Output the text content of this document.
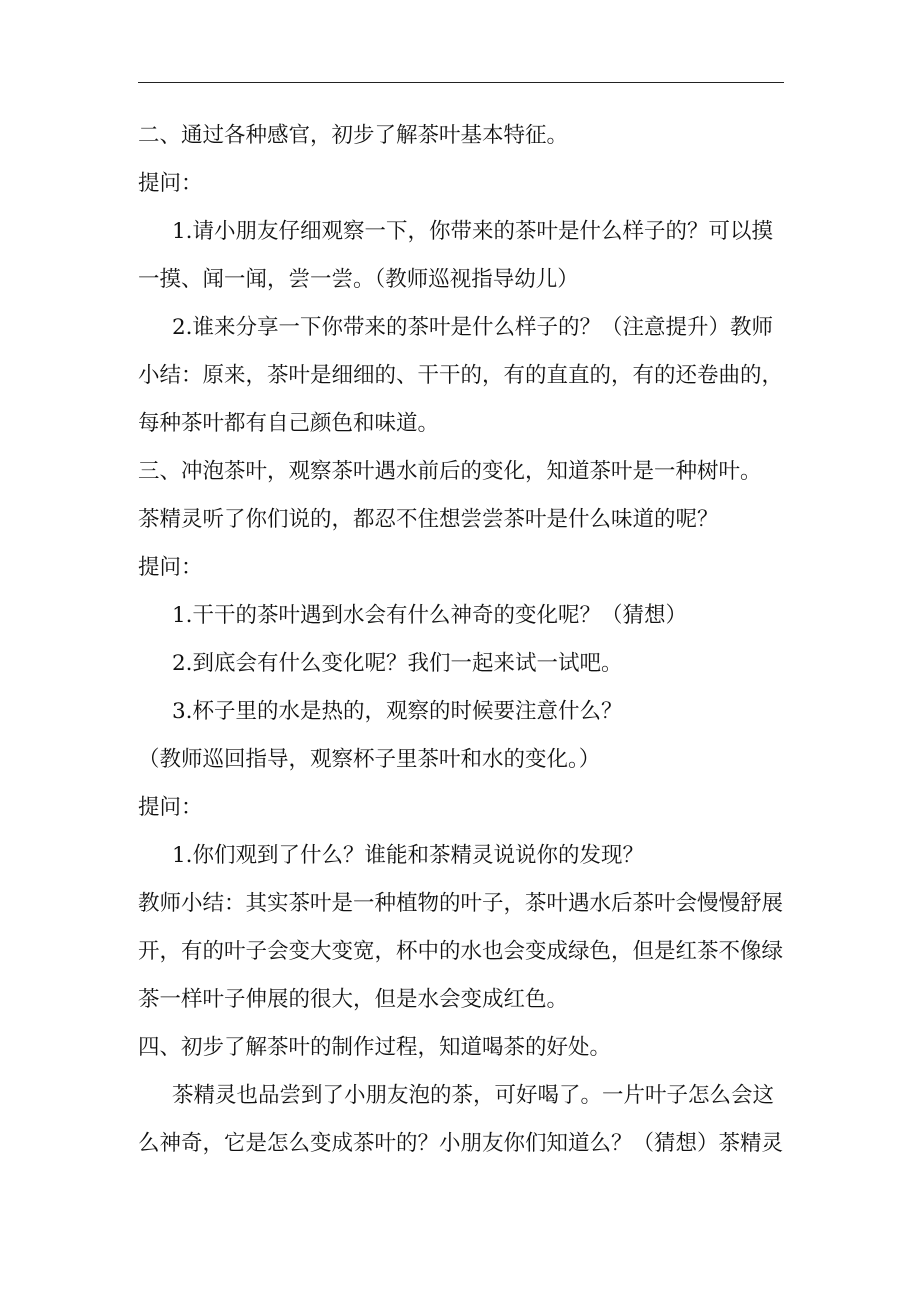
二、通过各种感官，初步了解茶叶基本特征。

提问：

1.请小朋友仔细观察一下，你带来的茶叶是什么样子的？可以摸

一摸、闻一闻，尝一尝。（教师巡视指导幼儿）

2.谁来分享一下你带来的茶叶是什么样子的？（注意提升）教师

小结：原来，茶叶是细细的、干干的，有的直直的，有的还卷曲的，

每种茶叶都有自己颜色和味道。

三、冲泡茶叶，观察茶叶遇水前后的变化，知道茶叶是一种树叶。

茶精灵听了你们说的，都忍不住想尝尝茶叶是什么味道的呢？

提问：

1.干干的茶叶遇到水会有什么神奇的变化呢？（猜想）

2.到底会有什么变化呢？我们一起来试一试吧。

3.杯子里的水是热的，观察的时候要注意什么？

（教师巡回指导，观察杯子里茶叶和水的变化。）

提问：

1.你们观到了什么？谁能和茶精灵说说你的发现？

教师小结：其实茶叶是一种植物的叶子，茶叶遇水后茶叶会慢慢舒展

开，有的叶子会变大变宽，杯中的水也会变成绿色，但是红茶不像绿

茶一样叶子伸展的很大，但是水会变成红色。

四、初步了解茶叶的制作过程，知道喝茶的好处。

茶精灵也品尝到了小朋友泡的茶，可好喝了。一片叶子怎么会这

么神奇，它是怎么变成茶叶的？小朋友你们知道么？（猜想）茶精灵
